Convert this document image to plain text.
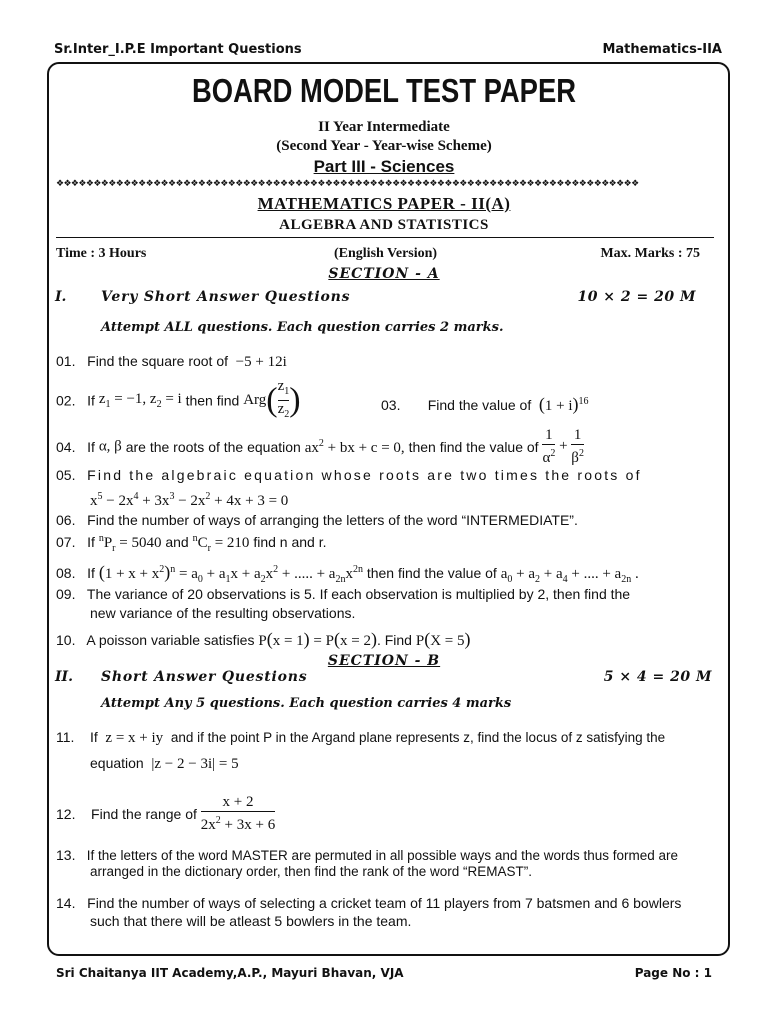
Sr.Inter_I.P.E Important Questions	Mathematics-IIA
BOARD MODEL TEST PAPER
II Year Intermediate
(Second Year - Year-wise Scheme)
Part III - Sciences
❖❖❖❖❖❖❖❖❖❖❖❖❖❖❖❖❖❖❖❖❖❖❖❖❖❖❖❖❖❖❖❖❖❖❖❖❖❖❖❖❖❖❖❖❖❖❖❖❖❖❖❖❖❖❖❖❖❖❖❖❖❖❖❖❖❖❖❖❖❖❖❖❖❖❖❖❖❖
MATHEMATICS PAPER - II(A)
ALGEBRA AND STATISTICS
Time : 3 Hours	(English Version)	Max. Marks : 75
SECTION - A
I. Very Short Answer Questions	10 × 2 = 20 M
Attempt ALL questions. Each question carries 2 marks.
01. Find the square root of  −5 + 12i
02. If $z_1 = -1$, $z_2 = i$ then find $Arg( \frac{z_1}{z_2}$ )	03. Find the value of $(1 + i)^{16}$
04. If α, β are the roots of the equation $ax^2$ + bx + c = 0, then find the value of $\frac{1}{\alpha^2} + \frac{1}{\beta^2}$
05. Find the algebraic equation whose roots are two times the roots of
$x^5 - 2x^4 + 3x^3 - 2x^2 + 4x + 3 = 0$
06. Find the number of ways of arranging the letters of the word “INTERMEDIATE”.
07. If $^nP_r = 5040$ and $^nC_r = 210$ find n and r.
08. If $(1 + x + x^2)^n = a_0 + a_1x + a_2x^2$ + ..... + $a_{2n}x^{2n}$ then find the value of $a_0 + a_2 + a_4$ + .... + $a_{2n}$ .
09. The variance of 20 observations is 5. If each observation is multiplied by 2, then find the
new variance of the resulting observations.
10. A poisson variable satisfies P(x = 1) = P(x = 2). Find P(X = 5)
SECTION - B
II. Short Answer Questions	5 × 4 = 20 M
Attempt Any 5 questions. Each question carries 4 marks
11. If  z = x + iy  and if the point P in the Argand plane represents z, find the locus of z satisfying the
equation  |z − 2 − 3i| = 5
12. Find the range of $\frac{x + 2}{2x^2 + 3x + 6}$
13. If the letters of the word MASTER are permuted in all possible ways and the words thus formed are
arranged in the dictionary order, then find the rank of the word “REMAST”.
14. Find the number of ways of selecting a cricket team of 11 players from 7 batsmen and 6 bowlers
such that there will be atleast 5 bowlers in the team.
Sri Chaitanya IIT Academy,A.P., Mayuri Bhavan, VJA	Page No : 1
